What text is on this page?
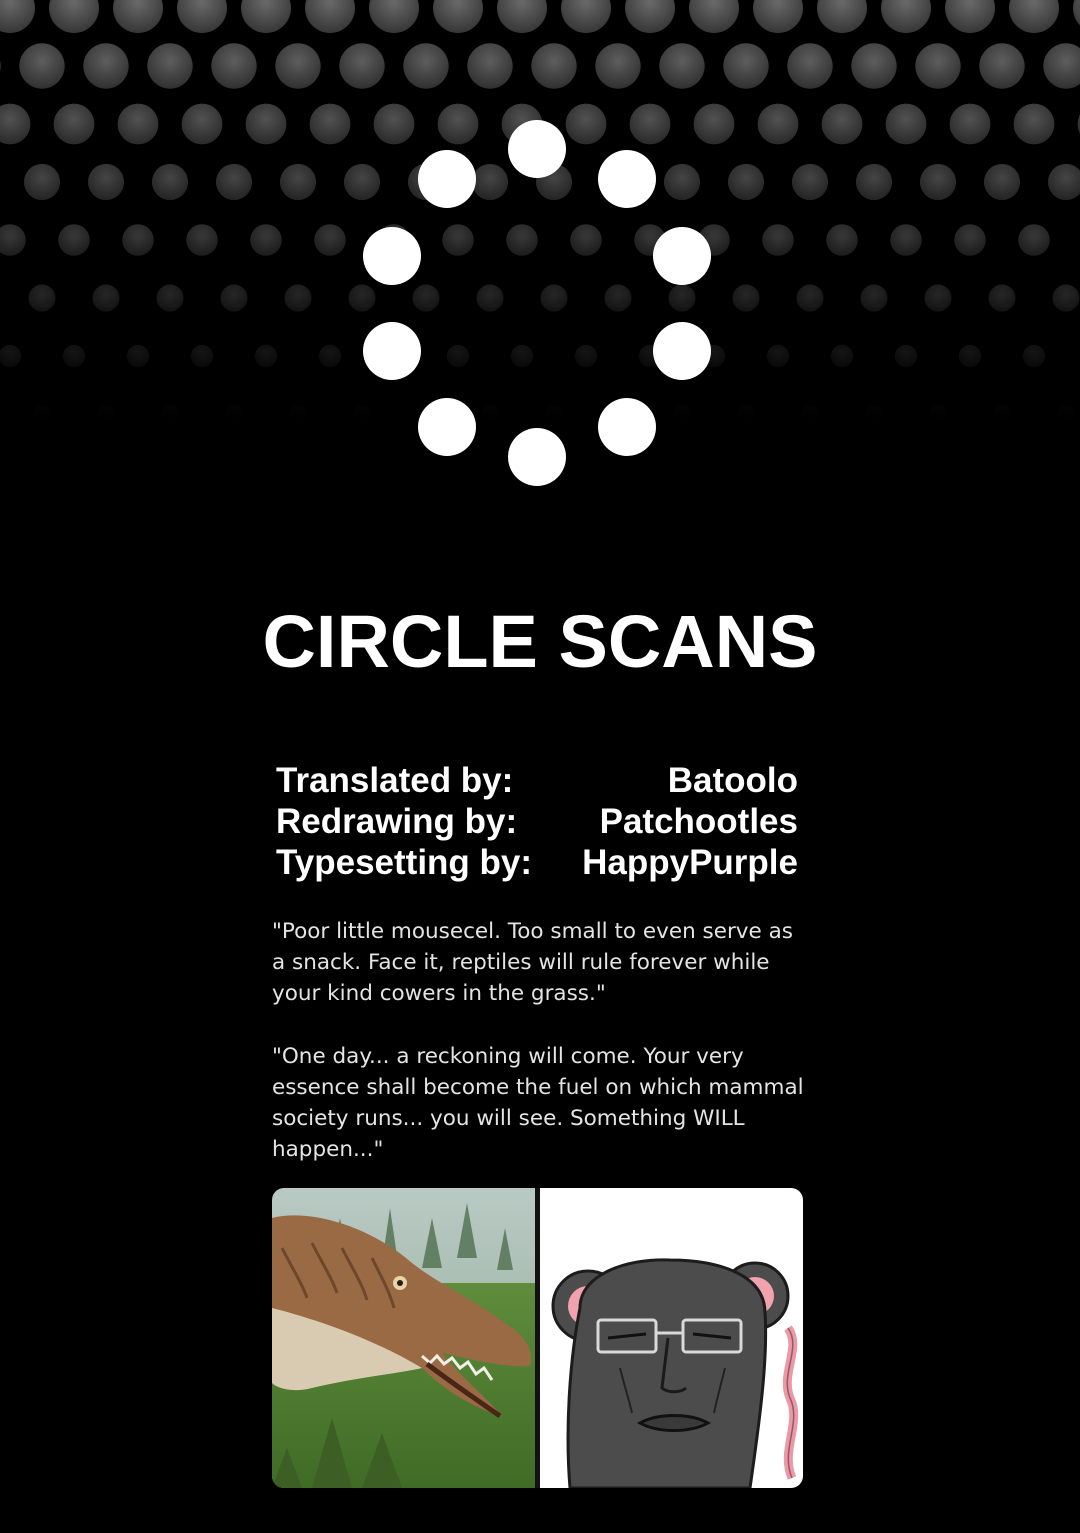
CIRCLE SCANS
Translated by:	Batoolo
Redrawing by: Patchootles
Typesetting by: HappyPurple
"Poor little mousecel. Too small to even serve as a snack. Face it, reptiles will rule forever while your kind cowers in the grass."
"One day... a reckoning will come. Your very essence shall become the fuel on which mammal society runs... you will see. Something WILL happen..."
